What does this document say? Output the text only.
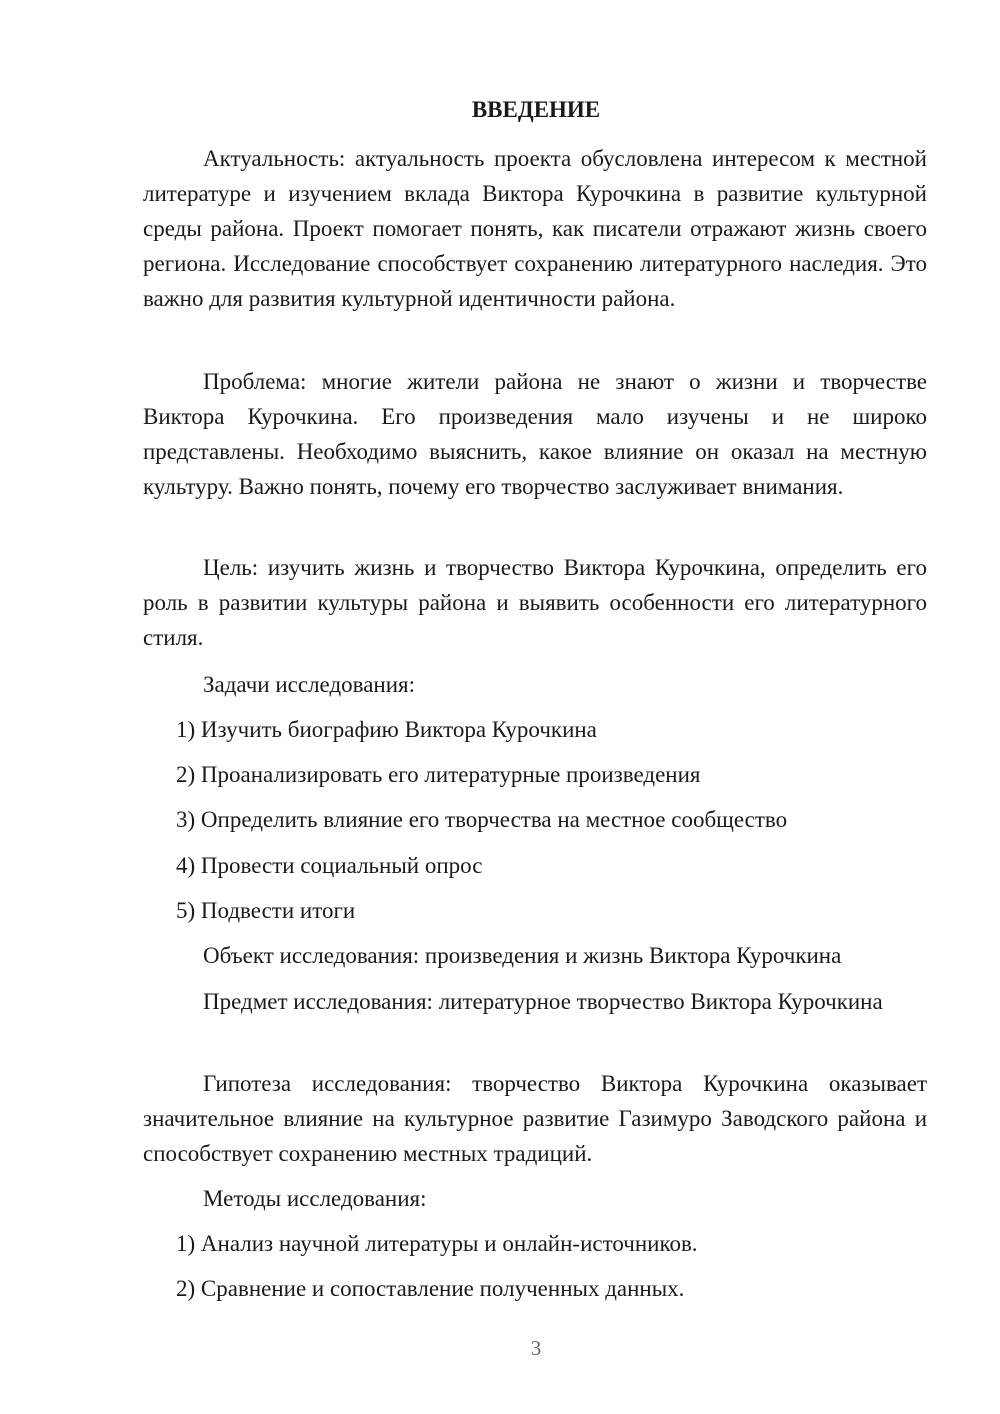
ВВЕДЕНИЕ

Актуальность: актуальность проекта обусловлена интересом к местной литературе и изучением вклада Виктора Курочкина в развитие культурной среды района. Проект помогает понять, как писатели отражают жизнь своего региона. Исследование способствует сохранению литературного наследия. Это важно для развития культурной идентичности района.

Проблема: многие жители района не знают о жизни и творчестве Виктора Курочкина. Его произведения мало изучены и не широко представлены. Необходимо выяснить, какое влияние он оказал на местную культуру. Важно понять, почему его творчество заслуживает внимания.

Цель: изучить жизнь и творчество Виктора Курочкина, определить его роль в развитии культуры района и выявить особенности его литературного стиля.

Задачи исследования:

1) Изучить биографию Виктора Курочкина

2) Проанализировать его литературные произведения

3) Определить влияние его творчества на местное сообщество

4) Провести социальный опрос

5) Подвести итоги

Объект исследования: произведения и жизнь Виктора Курочкина

Предмет исследования: литературное творчество Виктора Курочкина

Гипотеза исследования: творчество Виктора Курочкина оказывает значительное влияние на культурное развитие Газимуро Заводского района и способствует сохранению местных традиций.

Методы исследования:

1) Анализ научной литературы и онлайн-источников.

2) Сравнение и сопоставление полученных данных.

3
